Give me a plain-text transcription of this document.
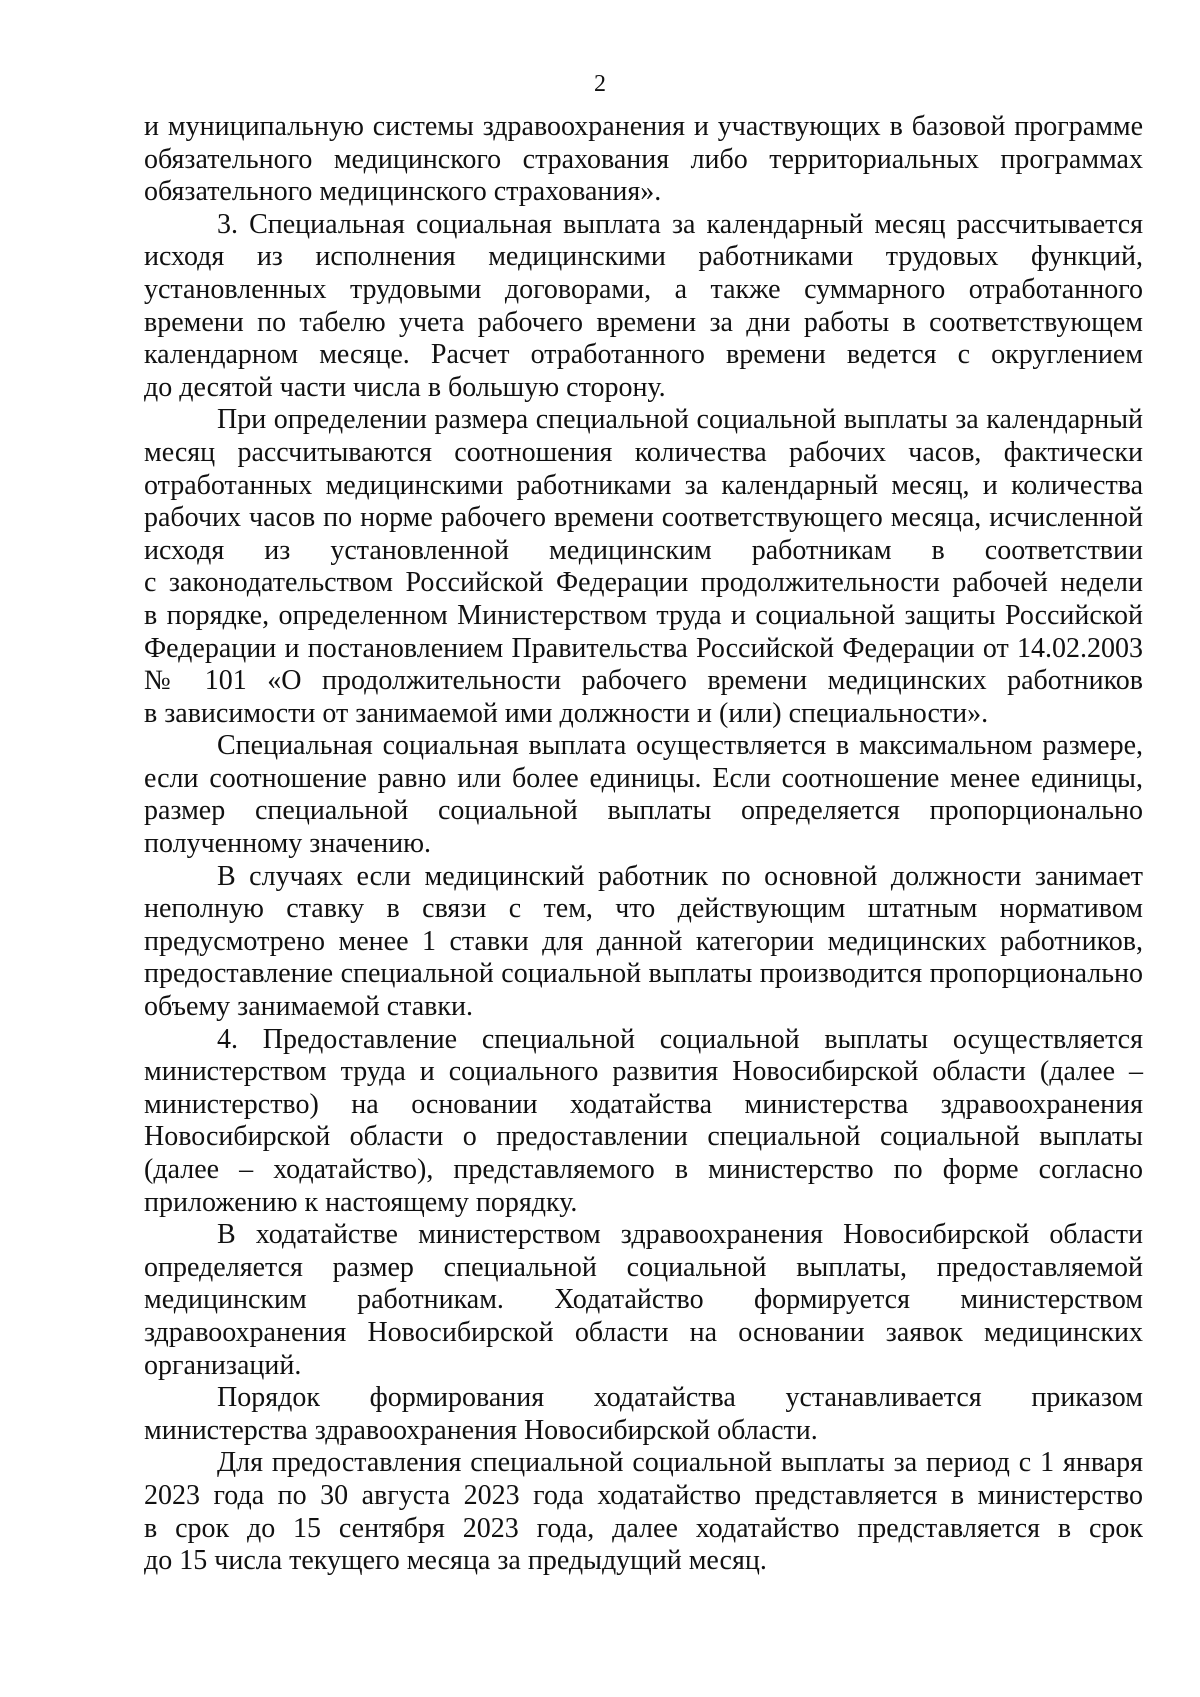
2
и муниципальную системы здравоохранения и участвующих в базовой программе
обязательного медицинского страхования либо территориальных программах
обязательного медицинского страхования».
3. Специальная социальная выплата за календарный месяц рассчитывается
исходя из исполнения медицинскими работниками трудовых функций,
установленных трудовыми договорами, а также суммарного отработанного
времени по табелю учета рабочего времени за дни работы в соответствующем
календарном месяце. Расчет отработанного времени ведется с округлением
до десятой части числа в большую сторону.
При определении размера специальной социальной выплаты за календарный
месяц рассчитываются соотношения количества рабочих часов, фактически
отработанных медицинскими работниками за календарный месяц, и количества
рабочих часов по норме рабочего времени соответствующего месяца, исчисленной
исходя из установленной медицинским работникам в соответствии
с законодательством Российской Федерации продолжительности рабочей недели
в порядке, определенном Министерством труда и социальной защиты Российской
Федерации и постановлением Правительства Российской Федерации от 14.02.2003
№ 101 «О продолжительности рабочего времени медицинских работников
в зависимости от занимаемой ими должности и (или) специальности».
Специальная социальная выплата осуществляется в максимальном размере,
если соотношение равно или более единицы. Если соотношение менее единицы,
размер специальной социальной выплаты определяется пропорционально
полученному значению.
В случаях если медицинский работник по основной должности занимает
неполную ставку в связи с тем, что действующим штатным нормативом
предусмотрено менее 1 ставки для данной категории медицинских работников,
предоставление специальной социальной выплаты производится пропорционально
объему занимаемой ставки.
4. Предоставление специальной социальной выплаты осуществляется
министерством труда и социального развития Новосибирской области (далее –
министерство) на основании ходатайства министерства здравоохранения
Новосибирской области о предоставлении специальной социальной выплаты
(далее – ходатайство), представляемого в министерство по форме согласно
приложению к настоящему порядку.
В ходатайстве министерством здравоохранения Новосибирской области
определяется размер специальной социальной выплаты, предоставляемой
медицинским работникам. Ходатайство формируется министерством
здравоохранения Новосибирской области на основании заявок медицинских
организаций.
Порядок формирования ходатайства устанавливается приказом
министерства здравоохранения Новосибирской области.
Для предоставления специальной социальной выплаты за период с 1 января
2023 года по 30 августа 2023 года ходатайство представляется в министерство
в срок до 15 сентября 2023 года, далее ходатайство представляется в срок
до 15 числа текущего месяца за предыдущий месяц.
